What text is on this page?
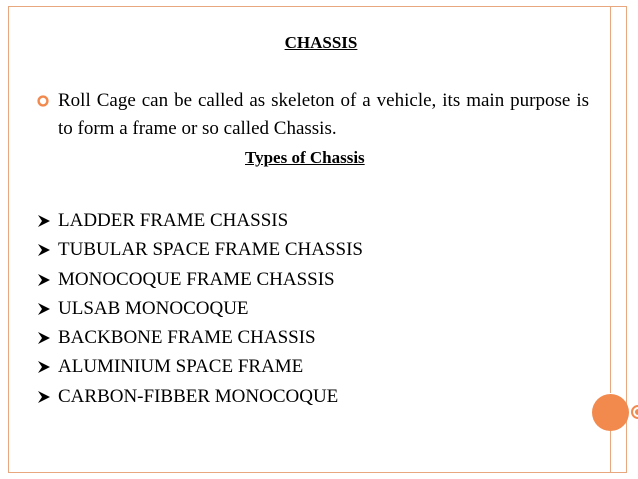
CHASSIS
Roll Cage can be called as skeleton of a vehicle, its main purpose is to form a frame or so called Chassis.
Types of Chassis
LADDER FRAME CHASSIS
TUBULAR SPACE FRAME CHASSIS
MONOCOQUE FRAME CHASSIS
ULSAB MONOCOQUE
BACKBONE FRAME CHASSIS
ALUMINIUM SPACE FRAME
CARBON-FIBBER MONOCOQUE
